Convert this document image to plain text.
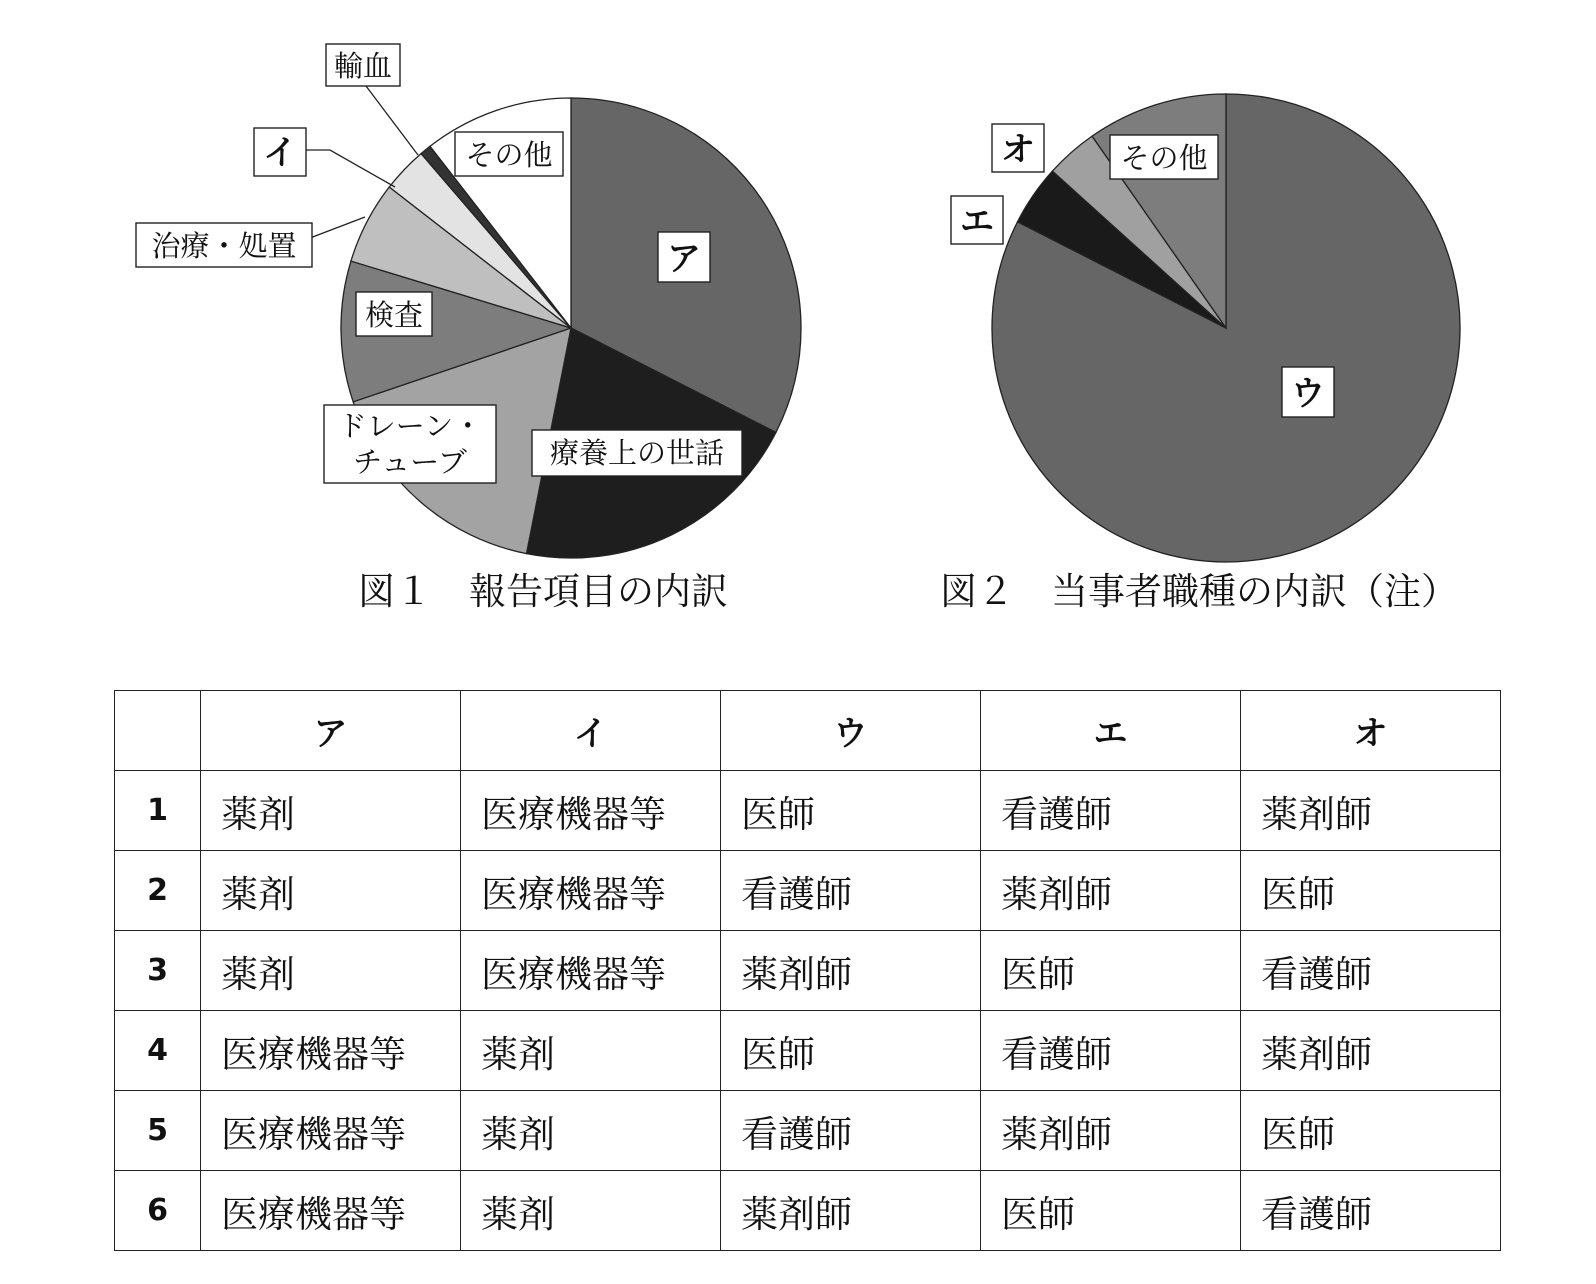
ア
療養上の世話
ドレーン・
チューブ
検査
治療・処置
イ
輸血
その他
図１　報告項目の内訳
ウ
エ
オ	その他
図２　当事者職種の内訳（注）
	ア	イ	ウ	エ	オ
1	薬剤	医療機器等	医師	看護師	薬剤師
2	薬剤	医療機器等	看護師	薬剤師	医師
3	薬剤	医療機器等	薬剤師	医師	看護師
4	医療機器等	薬剤	医師	看護師	薬剤師
5	医療機器等	薬剤	看護師	薬剤師	医師
6	医療機器等	薬剤	薬剤師	医師	看護師
